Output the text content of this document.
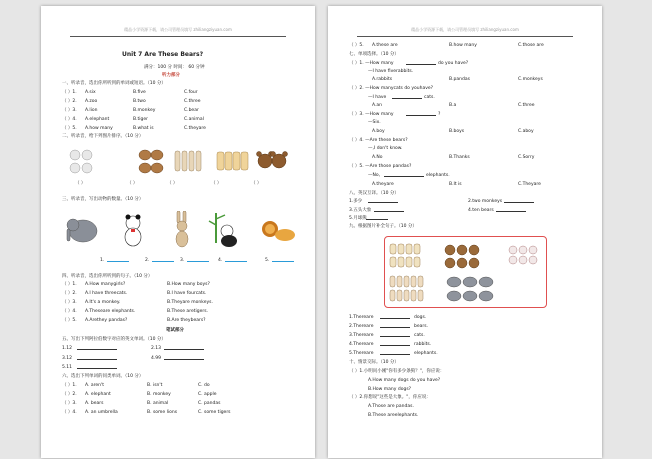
精品小学资源下载，请公司管理员填写 zhiliangziyuan.com
Unit 7 Are These Bears?
满分：100 分 时间： 60 分钟
听力部分
一、听录音，选出你所听到的单词或短语。（10 分）
（ ）1. A.six	B.five	C.four
（ ）2. A.zoo	B.two	C.three
（ ）3. A.lion	B.monkey	C.bear
（ ）4. A.elephant	B.tiger	C.animal
（ ）5. A.how many	B.what is	C.theyare
二、听录音，给下列图片排序。（10 分）
（ ）	（ ）	（ ）	（ ）	（ ）
三、听录音，写出动物的数量。（10 分）
1.	2.	3.	4.	5.
四、听录音，选出你所听到的句子。（10 分）
（ ）1. A.How manygirls?	B.How many boys?
（ ）2. A.I have threecats.	B.I have fourcats.
（ ）3. A.It's a monkey.	B.Theyare monkeys.
（ ）4. A.Theseare elephants.	B.These aretigers.
（ ）5. A.Arethey pandas?	B.Are theybears?
笔试部分
五、写出下列阿拉伯数字对应的英文单词。（10 分）
1.12	2.13
3.12	4.99
5.11
六、选出下列单词的同类单词。（10 分）
（ ）1. A. aren't	B. isn't	C. do
（ ）2. A. elephant	B. monkey	C. apple
（ ）3. A. bears	B. animal	C. pandas
（ ）4. A. an umbrella	B. some lions	C. some tigers
精品小学资源下载，请公司管理员填写 zhiliangziyuan.com
（ ）5. A.these are	B.how many	C.those are
七、单项选择。（10 分）
（ ）1. —How many	do you have?
—I have fiverabbits.
A.rabbits	B.pandas	C.monkeys
（ ）2. —How manycats do youhave?
—I have	cats.
A.an	B.a	C.three
（ ）3. —How many	?
—Six.
A.boy	B.boys	C.aboy
（ ）4. —Are these bears?
—,I don't know.
A.No	B.Thanks	C.Sorry
（ ）5. —Are those pandas?
—No,	elephants.
A.theyare	B.It is	C.Theyare
八、英汉互译。（10 分）
1.多少	2.two monkeys
3.五头大象	4.ten bears
5.月球熊
九、根据图片补全句子。（10 分）
1.Thereare	dogs.
2.Thereare	bears.
3.Thereare	cats.
4.Thereare	rabbits.
5.Thereare	elephants.
十、情景交际。（10 分）
（ ）1.小明问小刚"你有多少条狗？"，你应说：
A.How many dogs do you have?
B.How many dogs?
（ ）2.你想说"这些是大象。"，你应说：
A.Those are pandas.
B.These areelephants.
